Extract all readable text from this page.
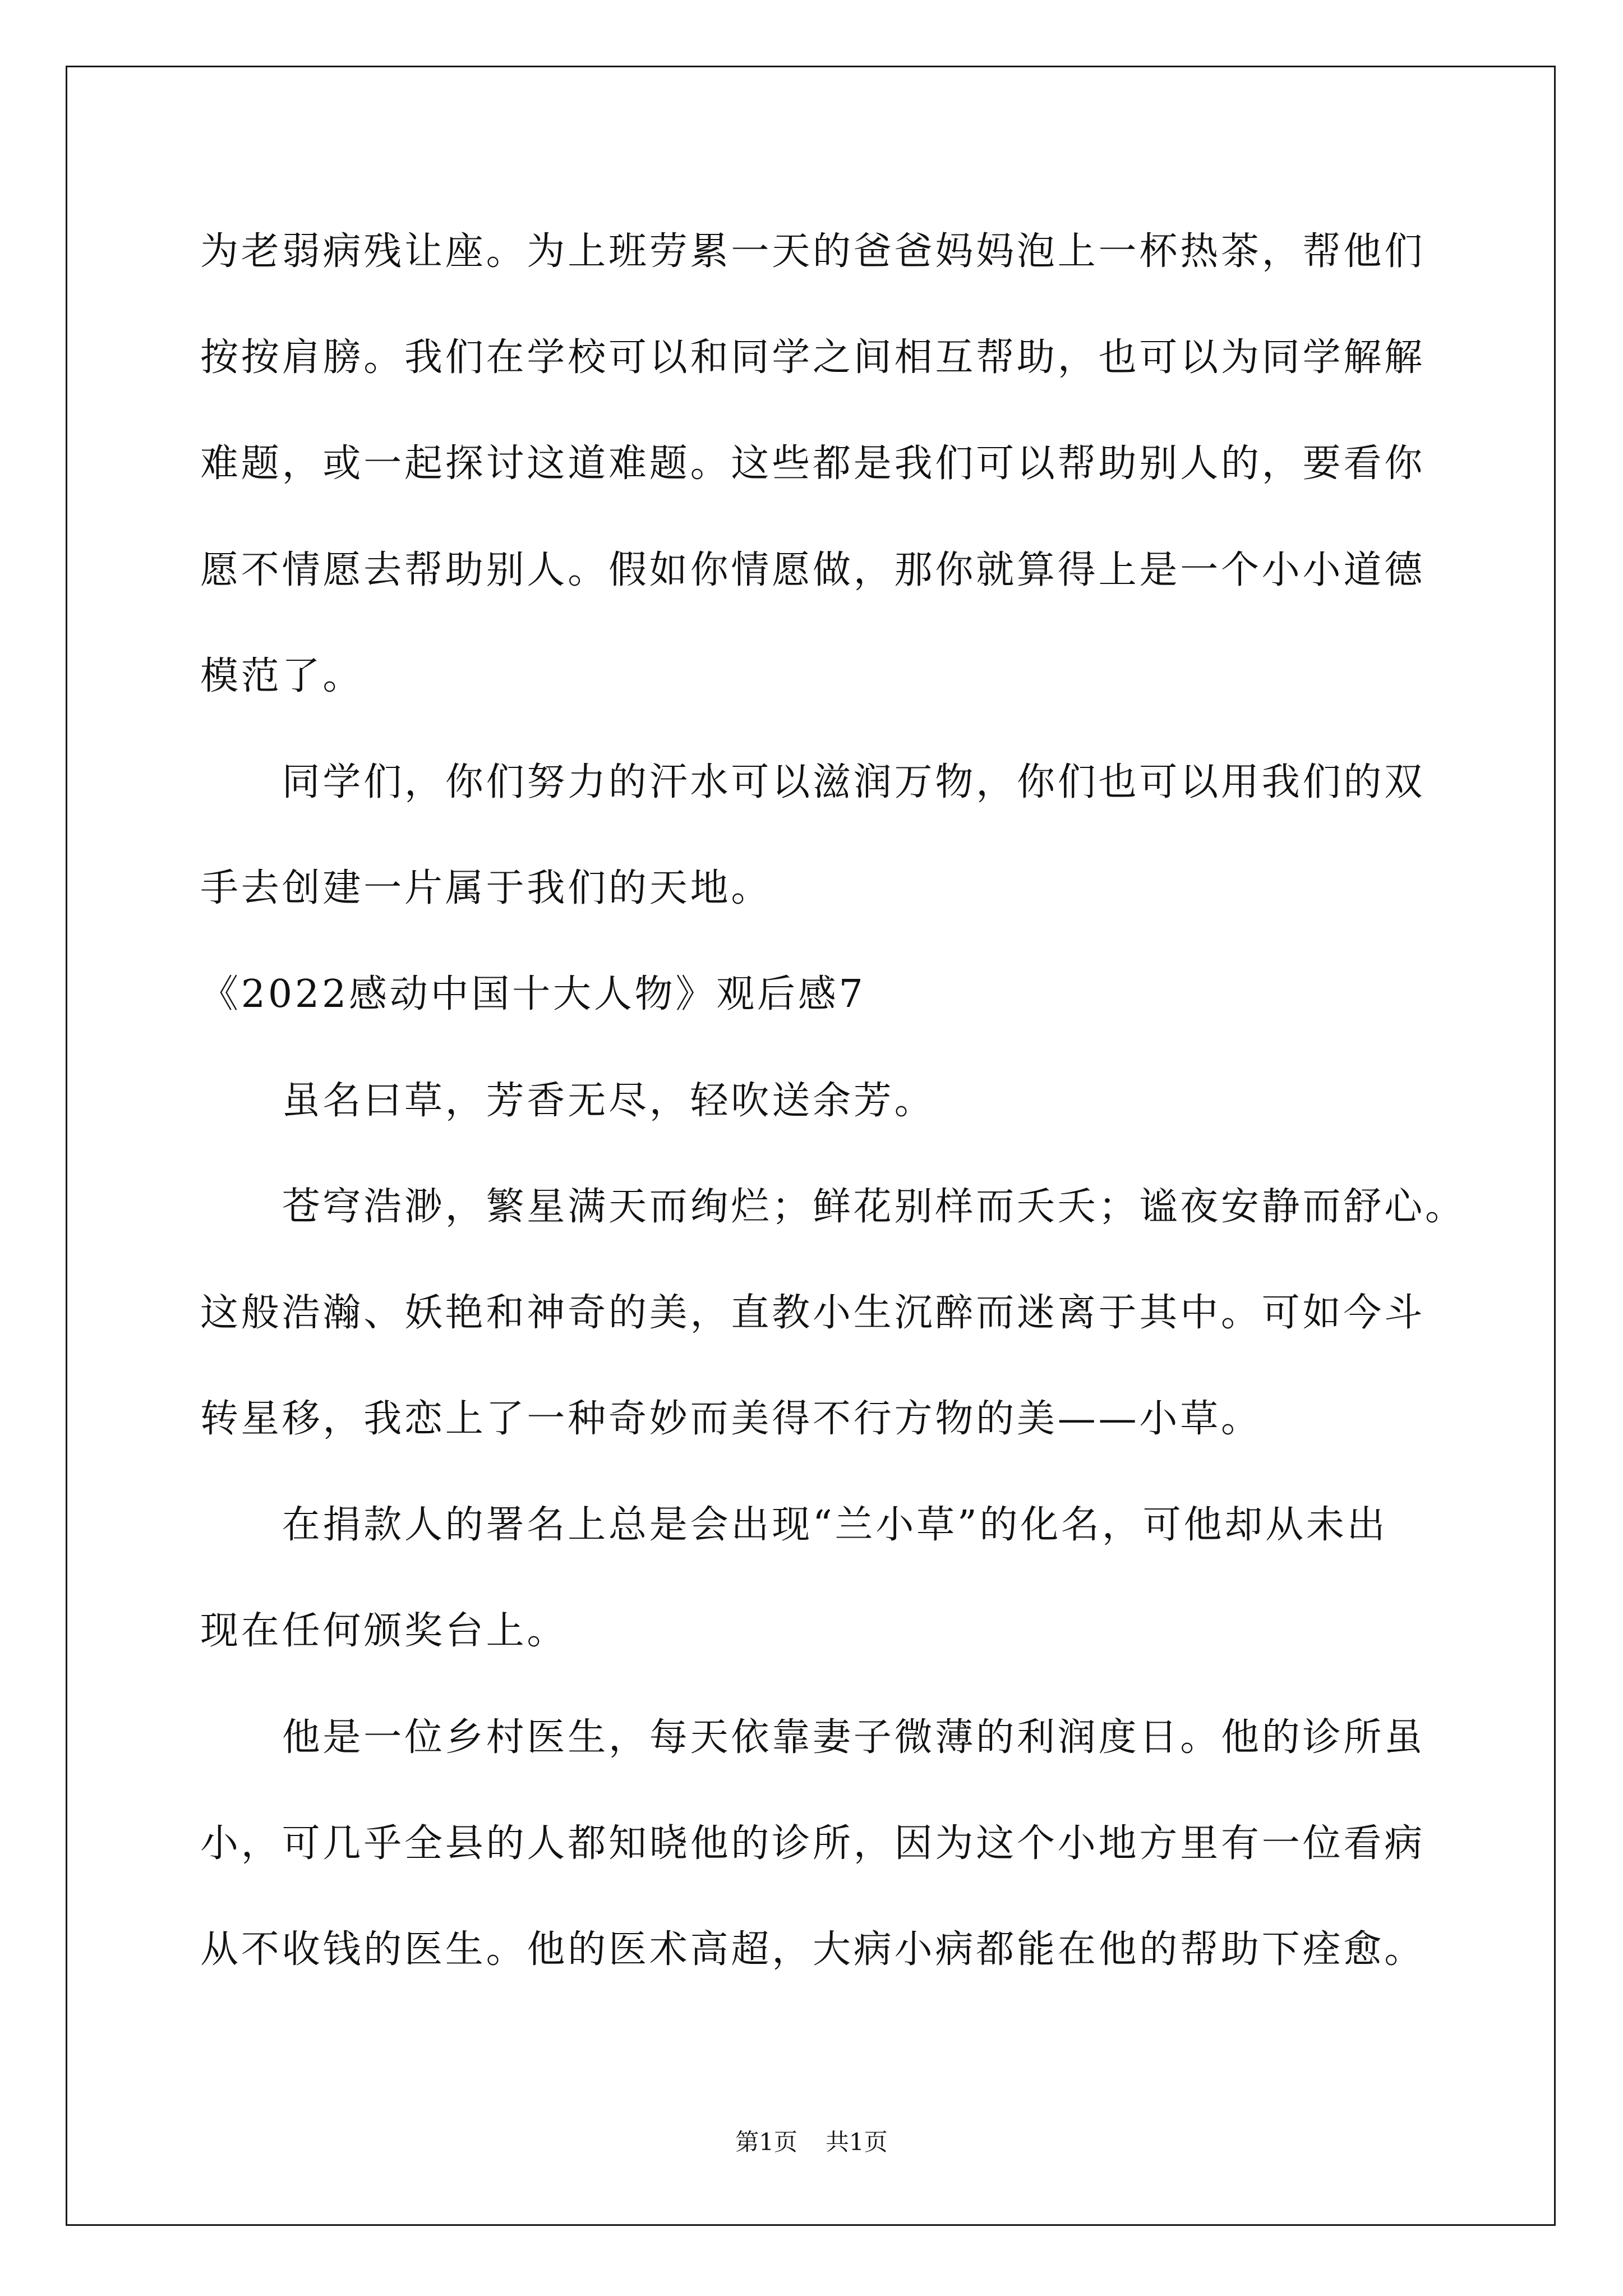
为老弱病残让座。为上班劳累一天的爸爸妈妈泡上一杯热茶，帮他们
按按肩膀。我们在学校可以和同学之间相互帮助，也可以为同学解解
难题，或一起探讨这道难题。这些都是我们可以帮助别人的，要看你
愿不情愿去帮助别人。假如你情愿做，那你就算得上是一个小小道德
模范了。
同学们，你们努力的汗水可以滋润万物，你们也可以用我们的双
手去创建一片属于我们的天地。
《2022感动中国十大人物》观后感7
虽名曰草，芳香无尽，轻吹送余芳。
苍穹浩渺，繁星满天而绚烂；鲜花别样而夭夭；谧夜安静而舒心。
这般浩瀚、妖艳和神奇的美，直教小生沉醉而迷离于其中。可如今斗
转星移，我恋上了一种奇妙而美得不行方物的美——小草。
在捐款人的署名上总是会出现“兰小草”的化名，可他却从未出
现在任何颁奖台上。
他是一位乡村医生，每天依靠妻子微薄的利润度日。他的诊所虽
小，可几乎全县的人都知晓他的诊所，因为这个小地方里有一位看病
从不收钱的医生。他的医术高超，大病小病都能在他的帮助下痊愈。
第1页 共1页
